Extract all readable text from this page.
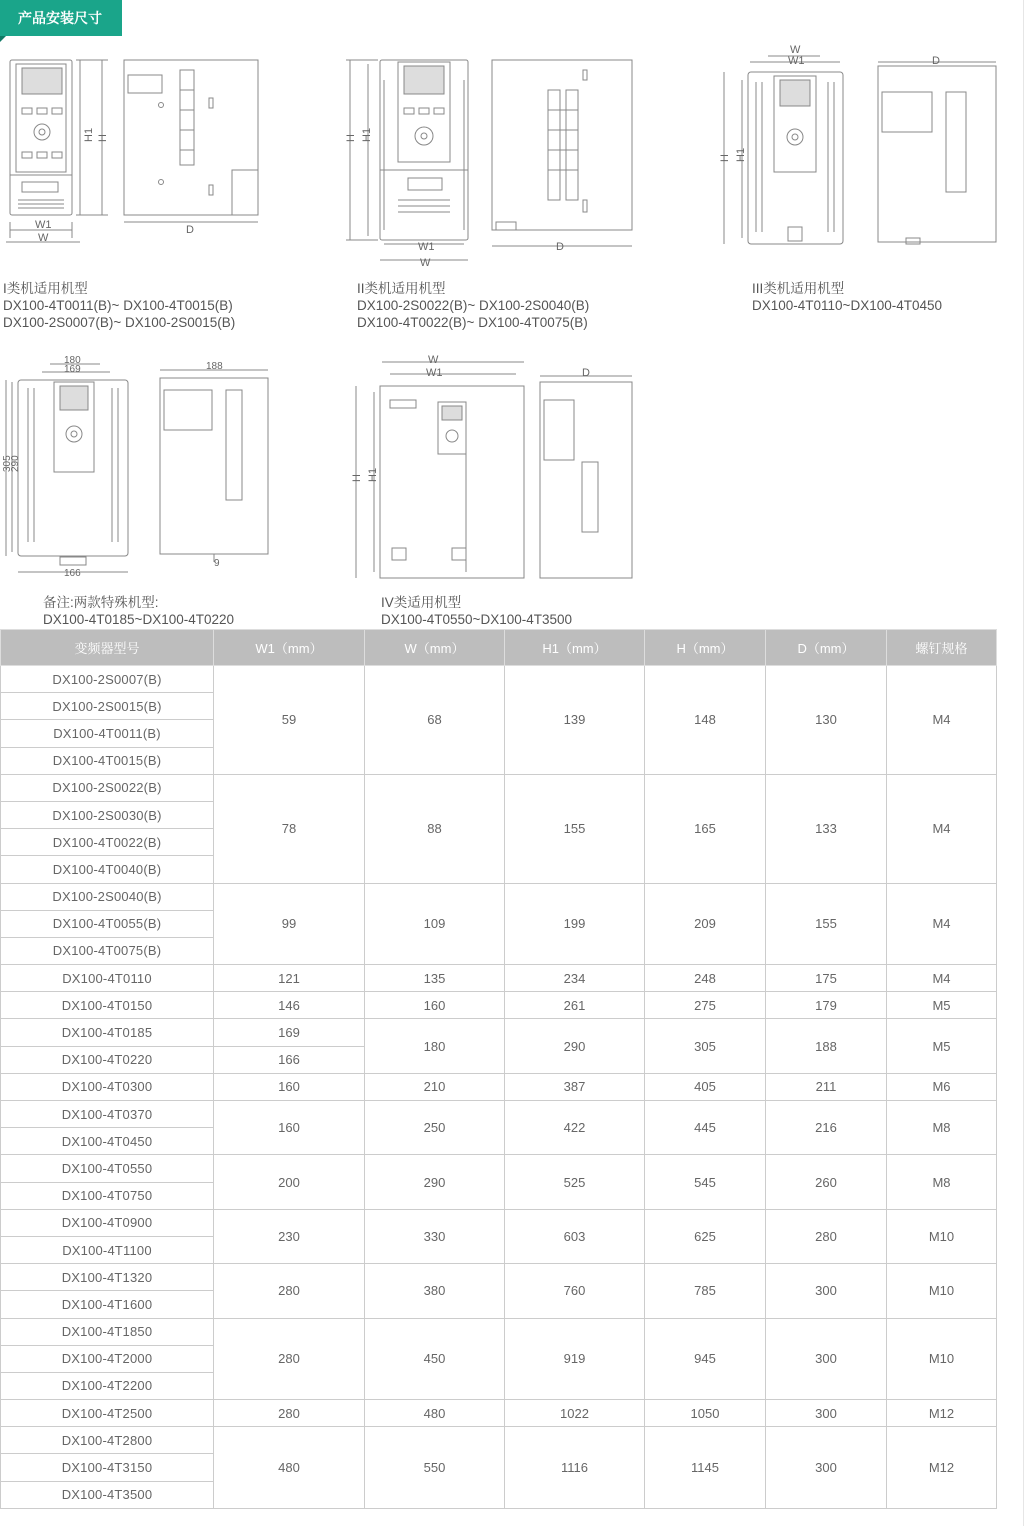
产品安装尺寸
H1 H
W1
W
D
I类机适用机型
DX100-4T0011(B)~ DX100-4T0015(B)
DX100-2S0007(B)~ DX100-2S0015(B)
H H1
W1
W
D
II类机适用机型
DX100-2S0022(B)~ DX100-2S0040(B)
DX100-4T0022(B)~ DX100-4T0075(B)
W
W1
H H1
D
III类机适用机型
DX100-4T0110~DX100-4T0450
180
169
305
290
188
166
9
备注:两款特殊机型:
DX100-4T0185~DX100-4T0220
W
W1
H H1
D
IV类适用机型
DX100-4T0550~DX100-4T3500
变频器型号	W1（mm）	W（mm）	H1（mm）	H（mm）	D（mm）	螺钉规格
DX100-2S0007(B)	59	68	139	148	130	M4
DX100-2S0015(B)						
DX100-4T0011(B)						
DX100-4T0015(B)						
DX100-2S0022(B)	78	88	155	165	133	M4
DX100-2S0030(B)						
DX100-4T0022(B)						
DX100-4T0040(B)						
DX100-2S0040(B)	99	109	199	209	155	M4
DX100-4T0055(B)						
DX100-4T0075(B)						
DX100-4T0110	121	135	234	248	175	M4
DX100-4T0150	146	160	261	275	179	M5
DX100-4T0185	169	180	290	305	188	M5
DX100-4T0220	166					
DX100-4T0300	160	210	387	405	211	M6
DX100-4T0370	160	250	422	445	216	M8
DX100-4T0450						
DX100-4T0550	200	290	525	545	260	M8
DX100-4T0750						
DX100-4T0900	230	330	603	625	280	M10
DX100-4T1100						
DX100-4T1320	280	380	760	785	300	M10
DX100-4T1600						
DX100-4T1850	280	450	919	945	300	M10
DX100-4T2000						
DX100-4T2200						
DX100-4T2500	280	480	1022	1050	300	M12
DX100-4T2800	480	550	1116	1145	300	M12
DX100-4T3150						
DX100-4T3500						
